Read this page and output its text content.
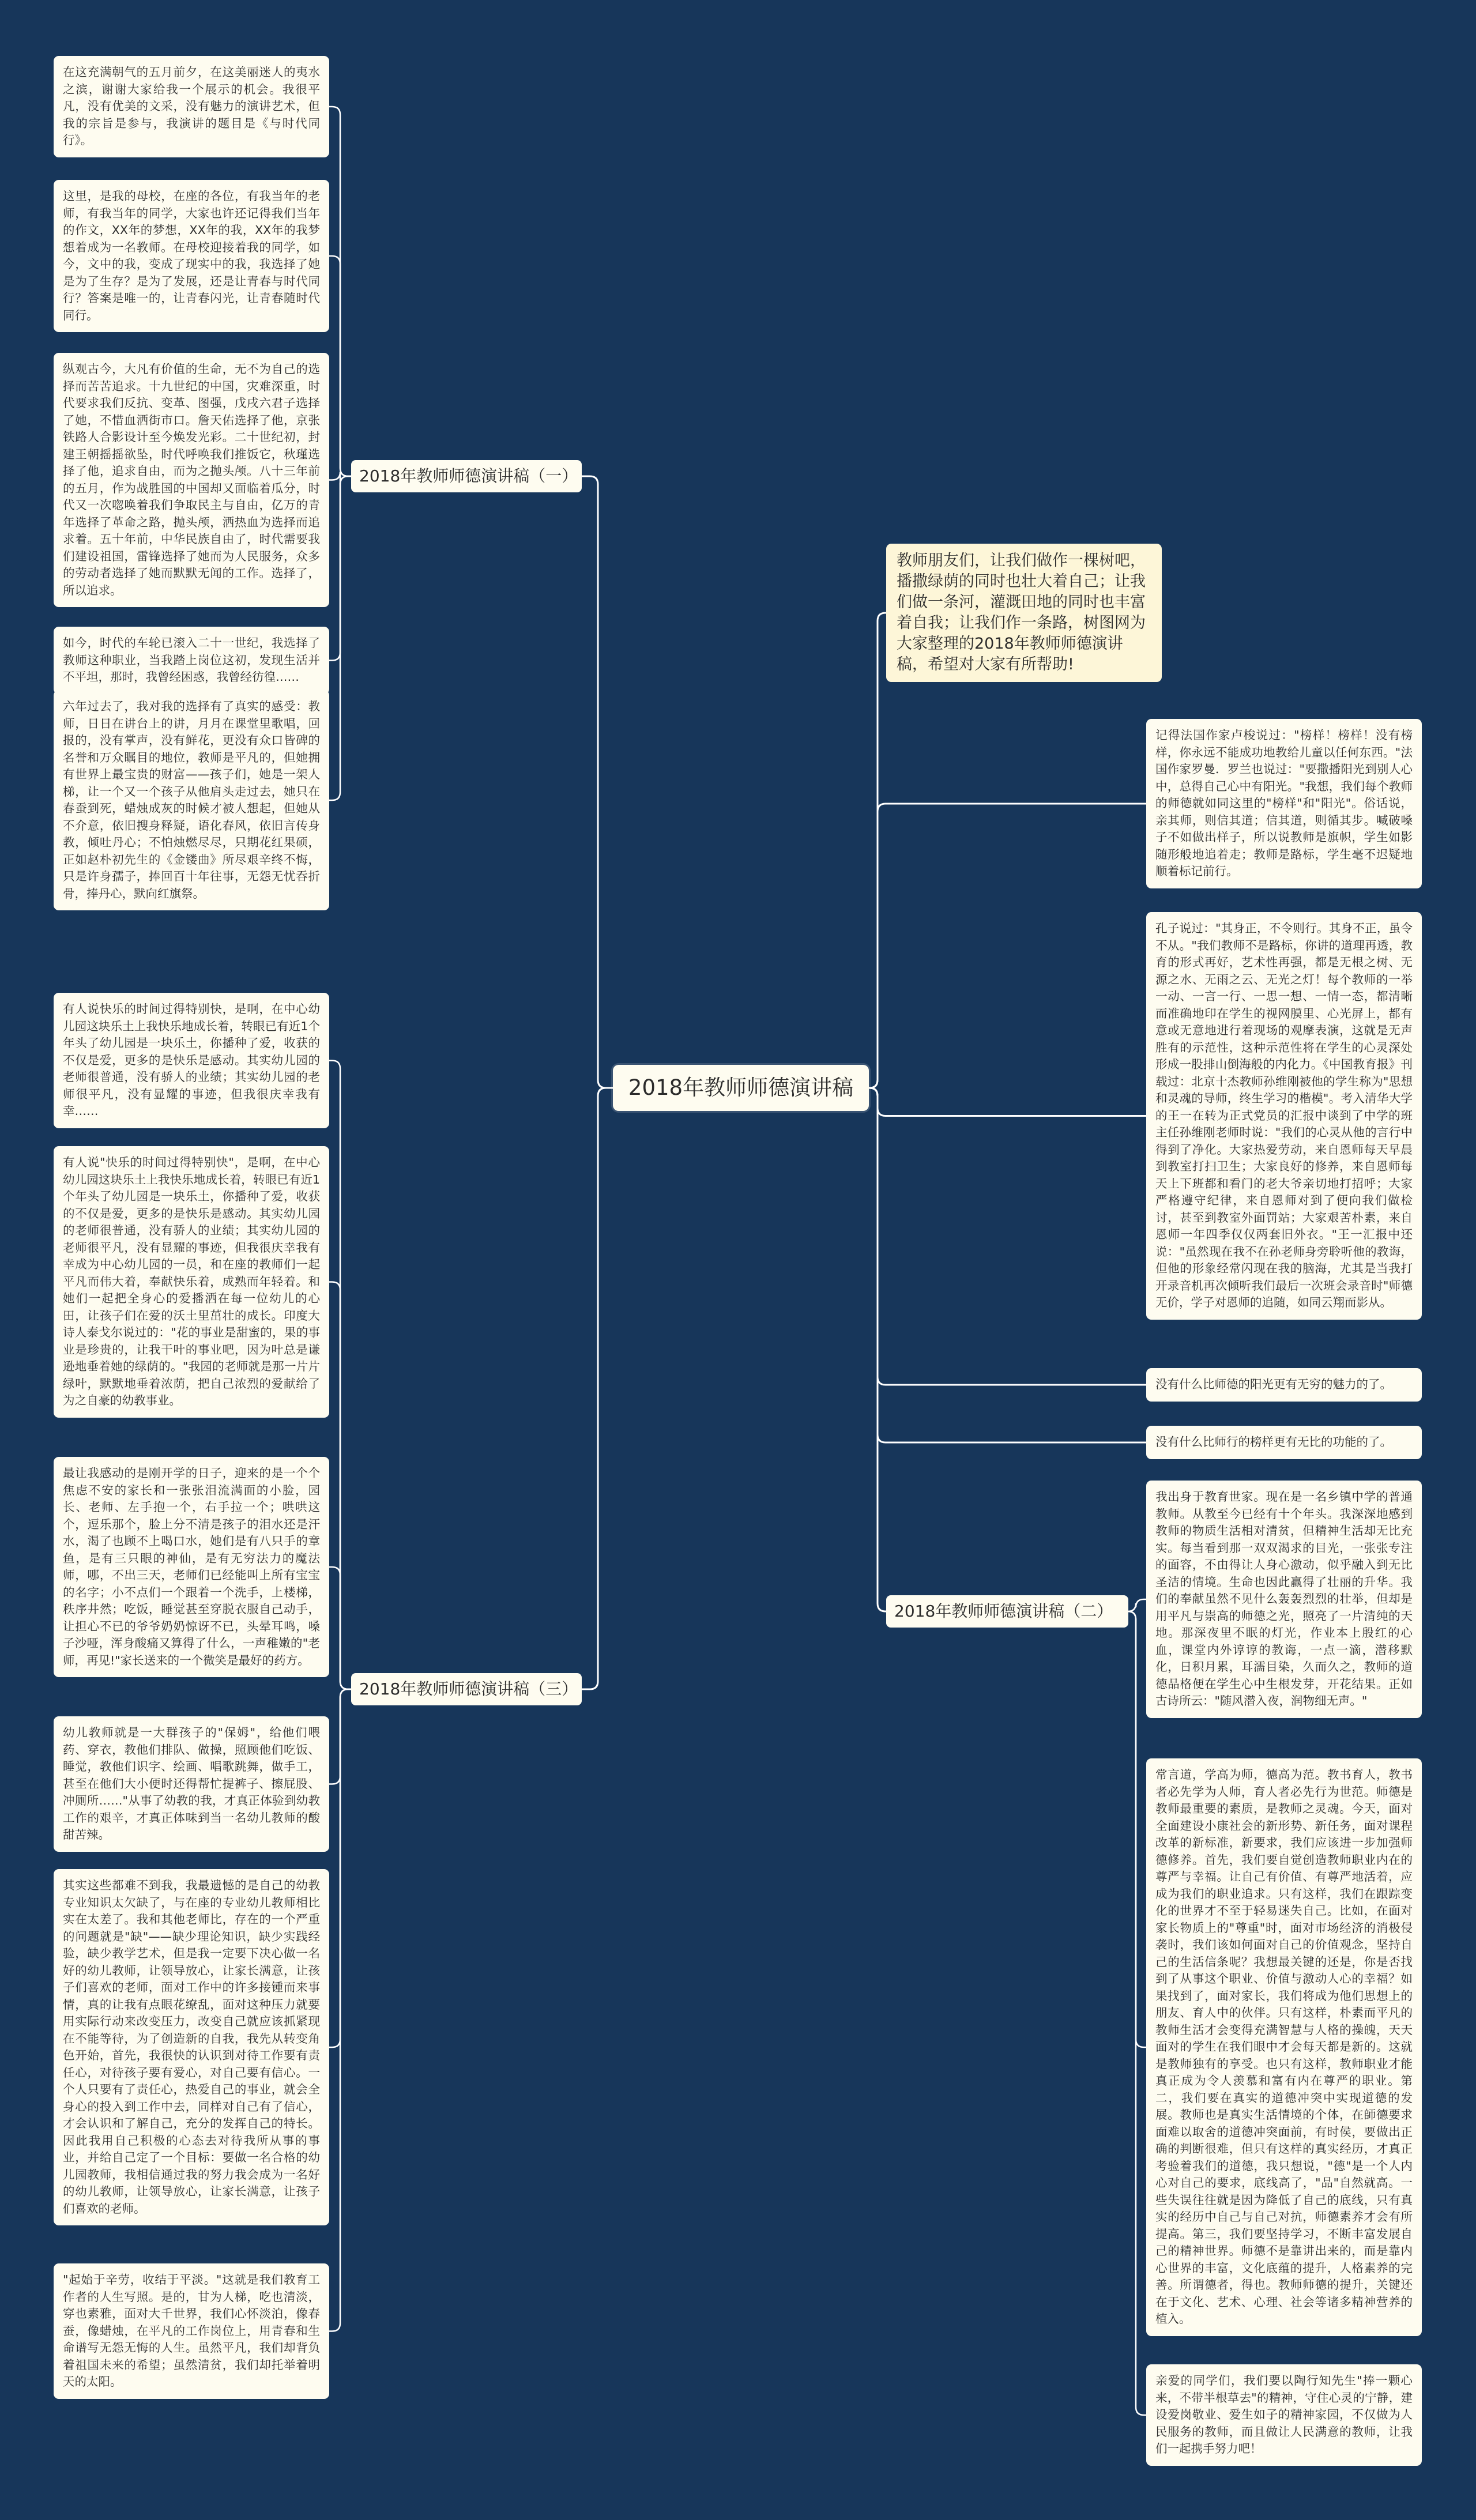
2018年教师师德演讲稿
教师朋友们，让我们做作一棵树吧，播撒绿荫的同时也壮大着自己；让我们做一条河，灌溉田地的同时也丰富着自我；让我们作一条路，树图网为大家整理的2018年教师师德演讲稿，希望对大家有所帮助!
2018年教师师德演讲稿（一）
在这充满朝气的五月前夕，在这美丽迷人的夷水之滨，谢谢大家给我一个展示的机会。我很平凡，没有优美的文采，没有魅力的演讲艺术，但我的宗旨是参与，我演讲的题目是《与时代同行》。
这里，是我的母校，在座的各位，有我当年的老师，有我当年的同学，大家也许还记得我们当年的作文，XX年的梦想，XX年的我，XX年的我梦想着成为一名教师。在母校迎接着我的同学，如今，文中的我，变成了现实中的我，我选择了她是为了生存？是为了发展，还是让青春与时代同行？答案是唯一的，让青春闪光，让青春随时代同行。
纵观古今，大凡有价值的生命，无不为自己的选择而苦苦追求。十九世纪的中国，灾难深重，时代要求我们反抗、变革、图强，戊戌六君子选择了她，不惜血洒街市口。詹天佑选择了他，京张铁路人合影设计至今焕发光彩。二十世纪初，封建王朝摇摇欲坠，时代呼唤我们推饭它，秋瑾选择了他，追求自由，而为之抛头颅。八十三年前的五月，作为战胜国的中国却又面临着瓜分，时代又一次唿唤着我们争取民主与自由，亿万的青年选择了革命之路，抛头颅，洒热血为选择而追求着。五十年前，中华民族自由了，时代需要我们建设祖国，雷锋选择了她而为人民服务，众多的劳动者选择了她而默默无闻的工作。选择了，所以追求。
如今，时代的车轮已滚入二十一世纪，我选择了教师这种职业，当我踏上岗位这初，发现生活并不平坦，那时，我曾经困惑，我曾经彷徨……
六年过去了，我对我的选择有了真实的感受：教师，日日在讲台上的讲，月月在课堂里歌唱，回报的，没有掌声，没有鲜花，更没有众口皆碑的名誉和万众瞩目的地位，教师是平凡的，但她拥有世界上最宝贵的财富——孩子们，她是一架人梯，让一个又一个孩子从他肩头走过去，她只在春蚕到死，蜡烛成灰的时候才被人想起，但她从不介意，依旧搜身释疑，语化春风，依旧言传身教，倾吐丹心；不怕烛燃尽尽，只期花红果硕，正如赵朴初先生的《金镂曲》所尽艰辛终不悔，只是许身孺子，捧回百十年往事，无怨无忧吞折骨，捧丹心，默向红旗祭。
2018年教师师德演讲稿（三）
有人说快乐的时间过得特别快，是啊，在中心幼儿园这块乐土上我快乐地成长着，转眼已有近1个年头了幼儿园是一块乐土，你播种了爱，收获的不仅是爱，更多的是快乐是感动。其实幼儿园的老师很普通，没有骄人的业绩；其实幼儿园的老师很平凡，没有显耀的事迹，但我很庆幸我有幸……
有人说"快乐的时间过得特别快"，是啊，在中心幼儿园这块乐土上我快乐地成长着，转眼已有近1个年头了幼儿园是一块乐土，你播种了爱，收获的不仅是爱，更多的是快乐是感动。其实幼儿园的老师很普通，没有骄人的业绩；其实幼儿园的老师很平凡，没有显耀的事迹，但我很庆幸我有幸成为中心幼儿园的一员，和在座的教师们一起平凡而伟大着，奉献快乐着，成熟而年轻着。和她们一起把全身心的爱播洒在每一位幼儿的心田，让孩子们在爱的沃土里茁壮的成长。印度大诗人泰戈尔说过的："花的事业是甜蜜的，果的事业是珍贵的，让我干叶的事业吧，因为叶总是谦逊地垂着她的绿荫的。"我园的老师就是那一片片绿叶，默默地垂着浓荫，把自己浓烈的爱献给了为之自豪的幼教事业。
最让我感动的是刚开学的日子，迎来的是一个个焦虑不安的家长和一张张泪流满面的小脸，园长、老师、左手抱一个，右手拉一个；哄哄这个，逗乐那个，脸上分不清是孩子的泪水还是汗水，渴了也顾不上喝口水，她们是有八只手的章鱼，是有三只眼的神仙，是有无穷法力的魔法师，哪，不出三天，老师们已经能叫上所有宝宝的名字；小不点们一个跟着一个洗手，上楼梯，秩序井然；吃饭，睡觉甚至穿脱衣服自己动手，让担心不已的爷爷奶奶惊讶不已，头晕耳鸣，嗓子沙哑，浑身酸痛又算得了什么，一声稚嫩的"老师，再见!"家长送来的一个微笑是最好的药方。
幼儿教师就是一大群孩子的"保姆"，给他们喂药、穿衣，教他们排队、做操，照顾他们吃饭、睡觉，教他们识字、绘画、唱歌跳舞，做手工，甚至在他们大小便时还得帮忙提裤子、擦屁股、冲厕所……"从事了幼教的我，才真正体验到幼教工作的艰辛，才真正体味到当一名幼儿教师的酸甜苦辣。
其实这些都难不到我，我最遗憾的是自己的幼教专业知识太欠缺了，与在座的专业幼儿教师相比实在太差了。我和其他老师比，存在的一个严重的问题就是"缺"——缺少理论知识，缺少实践经验，缺少教学艺术，但是我一定要下决心做一名好的幼儿教师，让领导放心，让家长满意，让孩子们喜欢的老师，面对工作中的许多接锺而来事情，真的让我有点眼花缭乱，面对这种压力就要用实际行动来改变压力，改变自己就应该抓紧现在不能等待，为了创造新的自我，我先从转变角色开始，首先，我很快的认识到对待工作要有责任心，对待孩子要有爱心，对自己要有信心。一个人只要有了责任心，热爱自己的事业，就会全身心的投入到工作中去，同样对自己有了信心，才会认识和了解自己，充分的发挥自己的特长。因此我用自己积极的心态去对待我所从事的事业，并给自己定了一个目标：要做一名合格的幼儿园教师，我相信通过我的努力我会成为一名好的幼儿教师，让领导放心，让家长满意，让孩子们喜欢的老师。
"起始于辛劳，收结于平淡。"这就是我们教育工作者的人生写照。是的，甘为人梯，吃也清淡，穿也素雅，面对大千世界，我们心怀淡泊，像春蚕，像蜡烛，在平凡的工作岗位上，用青春和生命谱写无怨无悔的人生。虽然平凡，我们却背负着祖国未来的希望；虽然清贫，我们却托举着明天的太阳。
记得法国作家卢梭说过："榜样！榜样！没有榜样，你永远不能成功地教给儿童以任何东西。"法国作家罗曼．罗兰也说过："要撒播阳光到别人心中，总得自己心中有阳光。"我想，我们每个教师的师德就如同这里的"榜样"和"阳光"。俗话说，亲其师，则信其道；信其道，则循其步。喊破嗓子不如做出样子，所以说教师是旗帜，学生如影随形般地追着走；教师是路标，学生毫不迟疑地顺着标记前行。
孔子说过："其身正，不令则行。其身不正，虽令不从。"我们教师不是路标，你讲的道理再透，教育的形式再好，艺术性再强，都是无根之树、无源之水、无雨之云、无光之灯！每个教师的一举一动、一言一行、一思一想、一情一态，都清晰而准确地印在学生的视网膜里、心光屏上，都有意或无意地进行着现场的观摩表演，这就是无声胜有的示范性，这种示范性将在学生的心灵深处形成一股排山倒海般的内化力。《中国教育报》刊载过：北京十杰教师孙维刚被他的学生称为"思想和灵魂的导师，终生学习的楷模"。考入清华大学的王一在转为正式党员的汇报中谈到了中学的班主任孙维刚老师时说："我们的心灵从他的言行中得到了净化。大家热爱劳动，来自恩师每天早晨到教室打扫卫生；大家良好的修养，来自恩师每天上下班都和看门的老大爷亲切地打招呼；大家严格遵守纪律，来自恩师对到了便向我们做检讨，甚至到教室外面罚站；大家艰苦朴素，来自恩师一年四季仅仅两套旧外衣。"王一汇报中还说："虽然现在我不在孙老师身旁聆听他的教诲，但他的形象经常闪现在我的脑海，尤其是当我打开录音机再次倾听我们最后一次班会录音时"师德无价，学子对恩师的追随，如同云翔而影从。
没有什么比师德的阳光更有无穷的魅力的了。
没有什么比师行的榜样更有无比的功能的了。
2018年教师师德演讲稿（二）
我出身于教育世家。现在是一名乡镇中学的普通教师。从教至今已经有十个年头。我深深地感到教师的物质生活相对清贫，但精神生活却无比充实。每当看到那一双双渴求的目光，一张张专注的面容，不由得让人身心激动，似乎融入到无比圣洁的情境。生命也因此赢得了壮丽的升华。我们的奉献虽然不见什么轰轰烈烈的壮举，但却是用平凡与崇高的师德之光，照亮了一片清纯的天地。那深夜里不眠的灯光，作业本上殷红的心血，课堂内外谆谆的教诲，一点一滴，潜移默化，日积月累，耳濡目染，久而久之，教师的道德品格便在学生心中生根发芽，开花结果。正如古诗所云："随风潜入夜，润物细无声。"
常言道，学高为师，德高为范。教书育人，教书者必先学为人师，育人者必先行为世范。师德是教师最重要的素质，是教师之灵魂。今天，面对全面建设小康社会的新形势、新任务，面对课程改革的新标准，新要求，我们应该进一步加强师德修养。首先，我们要自觉创造教师职业内在的尊严与幸福。让自己有价值、有尊严地活着，应成为我们的职业追求。只有这样，我们在跟踪变化的世界才不至于轻易迷失自己。比如，在面对家长物质上的"尊重"时，面对市场经济的消极侵袭时，我们该如何面对自己的价值观念，坚持自己的生活信条呢？我想最关键的还是，你是否找到了从事这个职业、价值与激动人心的幸福？如果找到了，面对家长，我们将成为他们思想上的朋友、育人中的伙伴。只有这样，朴素而平凡的教师生活才会变得充满智慧与人格的操魄，天天面对的学生在我们眼中才会每天都是新的。这就是教师独有的享受。也只有这样，教师职业才能真正成为令人羡慕和富有内在尊严的职业。第二，我们要在真实的道德冲突中实现道德的发展。教师也是真实生活情境的个体，在師德要求面难以取舍的道德冲突面前，有时侯，要做出正确的判断很难，但只有这样的真实经历，才真正考验着我们的道德，我只想说，"德"是一个人内心对自己的要求，底线高了，"品"自然就高。一些失误往往就是因为降低了自己的底线，只有真实的经历中自己与自己对抗，师德素养才会有所提高。第三，我们要坚持学习，不断丰富发展自己的精神世界。师德不是靠讲出来的，而是靠内心世界的丰富，文化底蕴的提升，人格素养的完善。所谓德者，得也。教师师德的提升，关键还在于文化、艺术、心理、社会等诸多精神营养的植入。
亲爱的同学们，我们要以陶行知先生"捧一颗心来，不带半根草去"的精神，守住心灵的宁静，建设爱岗敬业、爱生如子的精神家园，不仅做为人民服务的教师，而且做让人民满意的教师，让我们一起携手努力吧！
